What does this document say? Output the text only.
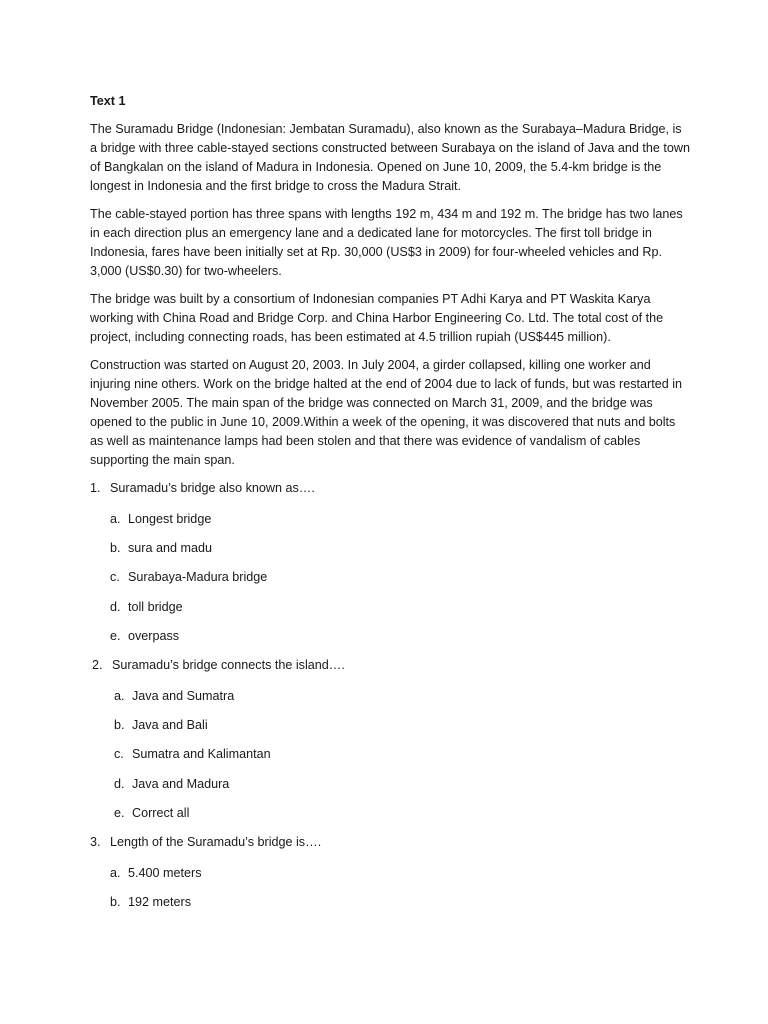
Text 1

The Suramadu Bridge (Indonesian: Jembatan Suramadu), also known as the Surabaya–Madura Bridge, is a bridge with three cable-stayed sections constructed between Surabaya on the island of Java and the town of Bangkalan on the island of Madura in Indonesia. Opened on June 10, 2009, the 5.4-km bridge is the longest in Indonesia and the first bridge to cross the Madura Strait.

The cable-stayed portion has three spans with lengths 192 m, 434 m and 192 m. The bridge has two lanes in each direction plus an emergency lane and a dedicated lane for motorcycles. The first toll bridge in Indonesia, fares have been initially set at Rp. 30,000 (US$3 in 2009) for four-wheeled vehicles and Rp. 3,000 (US$0.30) for two-wheelers.

The bridge was built by a consortium of Indonesian companies PT Adhi Karya and PT Waskita Karya working with China Road and Bridge Corp. and China Harbor Engineering Co. Ltd. The total cost of the project, including connecting roads, has been estimated at 4.5 trillion rupiah (US$445 million).

Construction was started on August 20, 2003. In July 2004, a girder collapsed, killing one worker and injuring nine others. Work on the bridge halted at the end of 2004 due to lack of funds, but was restarted in November 2005. The main span of the bridge was connected on March 31, 2009, and the bridge was opened to the public in June 10, 2009.Within a week of the opening, it was discovered that nuts and bolts as well as maintenance lamps had been stolen and that there was evidence of vandalism of cables supporting the main span.

1. Suramadu’s bridge also known as….
a. Longest bridge
b. sura and madu
c. Surabaya-Madura bridge
d. toll bridge
e. overpass
2. Suramadu’s bridge connects the island….
a. Java and Sumatra
b. Java and Bali
c. Sumatra and Kalimantan
d. Java and Madura
e. Correct all
3. Length of the Suramadu’s bridge is….
a. 5.400 meters
b. 192 meters
